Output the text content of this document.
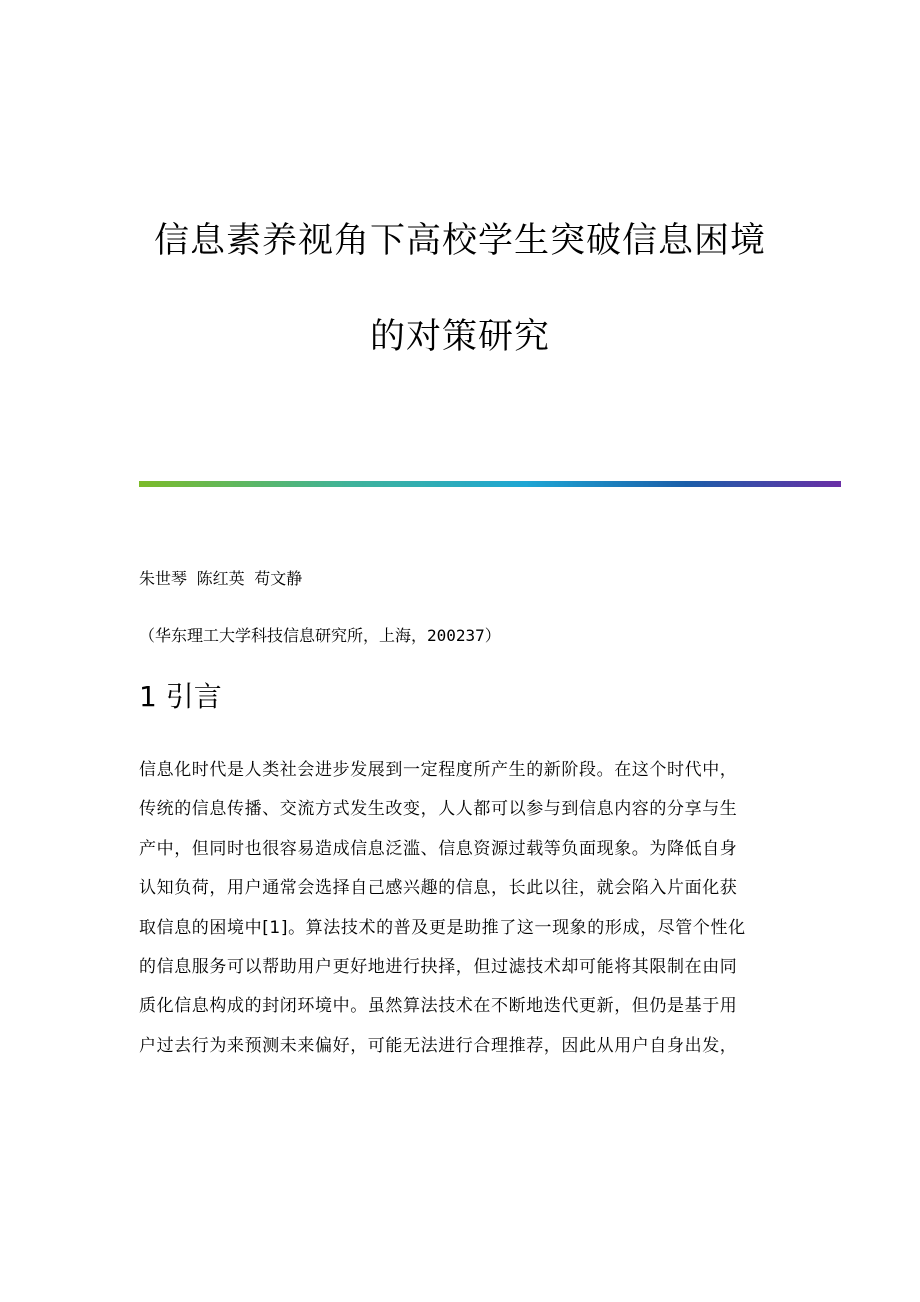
信息素养视角下高校学生突破信息困境
的对策研究
朱世琴 陈红英 苟文静
（华东理工大学科技信息研究所，上海，200237）
1 引言
信息化时代是人类社会进步发展到一定程度所产生的新阶段。在这个时代中，
传统的信息传播、交流方式发生改变，人人都可以参与到信息内容的分享与生
产中，但同时也很容易造成信息泛滥、信息资源过载等负面现象。为降低自身
认知负荷，用户通常会选择自己感兴趣的信息，长此以往，就会陷入片面化获
取信息的困境中[1]。算法技术的普及更是助推了这一现象的形成，尽管个性化
的信息服务可以帮助用户更好地进行抉择，但过滤技术却可能将其限制在由同
质化信息构成的封闭环境中。虽然算法技术在不断地迭代更新，但仍是基于用
户过去行为来预测未来偏好，可能无法进行合理推荐，因此从用户自身出发，
